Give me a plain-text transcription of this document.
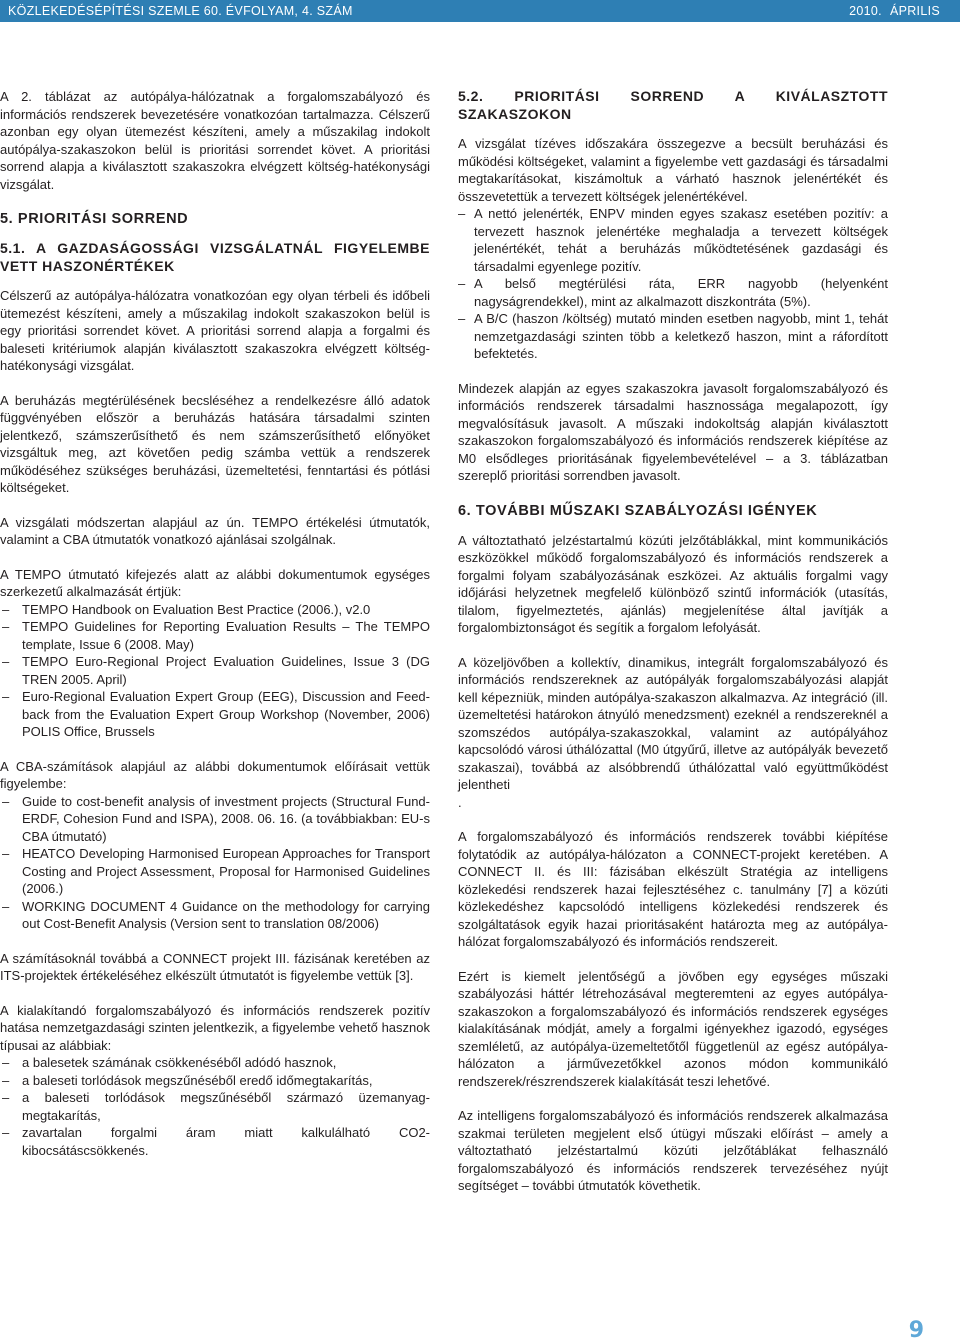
KÖZLEKEDÉSÉPÍTÉSI SZEMLE 60. ÉVFOLYAM, 4. SZÁM	2010. ÁPRILIS

A 2. táblázat az autópálya-hálózatnak a forgalomszabályozó és információs rendszerek bevezetésére vonatkozóan tartalmazza. Célszerű azonban egy olyan ütemezést készíteni, amely a műszakilag indokolt autópálya-szakaszokon belül is prioritási sorrendet követ. A prioritási sorrend alapja a kiválasztott szakaszokra elvégzett költség-hatékonysági vizsgálat.

5. PRIORITÁSI SORREND
5.1. A GAZDASÁGOSSÁGI VIZSGÁLATNÁL FIGYELEMBE VETT HASZONÉRTÉKEK

Célszerű az autópálya-hálózatra vonatkozóan egy olyan térbeli és időbeli ütemezést készíteni, amely a műszakilag indokolt szakaszokon belül is egy prioritási sorrendet követ. A prioritási sorrend alapja a forgalmi és baleseti kritériumok alapján kiválasztott szakaszokra elvégzett költség-hatékonysági vizsgálat.

A beruházás megtérülésének becsléséhez a rendelkezésre álló adatok függvényében először a beruházás hatására társadalmi szinten jelentkező, számszerűsíthető és nem számszerűsíthető előnyöket vizsgáltuk meg, azt követően pedig számba vettük a rendszerek működéséhez szükséges beruházási, üzemeltetési, fenntartási és pótlási költségeket.

A vizsgálati módszertan alapjául az ún. TEMPO értékelési útmutatók, valamint a CBA útmutatók vonatkozó ajánlásai szolgálnak.

A TEMPO útmutató kifejezés alatt az alábbi dokumentumok egységes szerkezetű alkalmazását értjük:

– TEMPO Handbook on Evaluation Best Practice (2006.), v2.0
– TEMPO Guidelines for Reporting Evaluation Results – The TEMPO template, Issue 6 (2008. May)
– TEMPO Euro-Regional Project Evaluation Guidelines, Issue 3 (DG TREN 2005. April)
– Euro-Regional Evaluation Expert Group (EEG), Discussion and Feed-back from the Evaluation Expert Group Workshop (November, 2006) POLIS Office, Brussels

A CBA-számítások alapjául az alábbi dokumentumok előírásait vettük figyelembe:

– Guide to cost-benefit analysis of investment projects (Structural Fund-ERDF, Cohesion Fund and ISPA), 2008. 06. 16. (a továbbiakban: EU-s CBA útmutató)
– HEATCO Developing Harmonised European Approaches for Transport Costing and Project Assessment, Proposal for Harmonised Guidelines (2006.)
– WORKING DOCUMENT 4 Guidance on the methodology for carrying out Cost-Benefit Analysis (Version sent to translation 08/2006)

A számításoknál továbbá a CONNECT projekt III. fázisának keretében az ITS-projektek értékeléséhez elkészült útmutatót is figyelembe vettük [3].

A kialakítandó forgalomszabályozó és információs rendszerek pozitív hatása nemzetgazdasági szinten jelentkezik, a figyelembe vehető hasznok típusai az alábbiak:

– a balesetek számának csökkenéséből adódó hasznok,
– a baleseti torlódások megszűnéséből eredő időmegtakarítás,
– a baleseti torlódások megszűnéséből származó üzemanyag-megtakarítás,
– zavartalan forgalmi áram miatt kalkulálható CO2-kibocsátáscsökkenés.
5.2. PRIORITÁSI SORREND A KIVÁLASZTOTT SZAKASZOKON

A vizsgálat tízéves időszakára összegezve a becsült beruházási és működési költségeket, valamint a figyelembe vett gazdasági és társadalmi megtakarításokat, kiszámoltuk a várható hasznok jelenértékét és összevetettük a tervezett költségek jelenértékével.

– A nettó jelenérték, ENPV minden egyes szakasz esetében pozitív: a tervezett hasznok jelenértéke meghaladja a tervezett költségek jelenértékét, tehát a beruházás működtetésének gazdasági és társadalmi egyenlege pozitív.
– A belső megtérülési ráta, ERR nagyobb (helyenként nagyságrendekkel), mint az alkalmazott diszkontráta (5%).
– A B/C (haszon /költség) mutató minden esetben nagyobb, mint 1, tehát nemzetgazdasági szinten több a keletkező haszon, mint a ráfordított befektetés.

Mindezek alapján az egyes szakaszokra javasolt forgalomszabályozó és információs rendszerek társadalmi hasznossága megalapozott, így megvalósításuk javasolt. A műszaki indokoltság alapján kiválasztott szakaszokon forgalomszabályozó és információs rendszerek kiépítése az M0 elsődleges prioritásának figyelembevételével – a 3. táblázatban szereplő prioritási sorrendben javasolt.

6. TOVÁBBI MŰSZAKI SZABÁLYOZÁSI IGÉNYEK

A változtatható jelzéstartalmú közúti jelzőtáblákkal, mint kommunikációs eszközökkel működő forgalomszabályozó és információs rendszerek a forgalmi folyam szabályozásának eszközei. Az aktuális forgalmi vagy időjárási helyzetnek megfelelő különböző szintű információk (utasítás, tilalom, figyelmeztetés, ajánlás) megjelenítése által javítják a forgalombiztonságot és segítik a forgalom lefolyását.

A közeljövőben a kollektív, dinamikus, integrált forgalomszabályozó és információs rendszereknek az autópályák forgalomszabályozási alapját kell képezniük, minden autópálya-szakaszon alkalmazva. Az integráció (ill. üzemeltetési határokon átnyúló menedzsment) ezeknél a rendszereknél a szomszédos autópálya-szakaszokkal, valamint az autópályához kapcsolódó városi úthálózattal (M0 útgyűrű, illetve az autópályák bevezető szakaszai), továbbá az alsóbbrendű úthálózattal való együttműködést jelentheti

.

A forgalomszabályozó és információs rendszerek további kiépítése folytatódik az autópálya-hálózaton a CONNECT-projekt keretében. A CONNECT II. és III: fázisában elkészült Stratégia az intelligens közlekedési rendszerek hazai fejlesztéséhez c. tanulmány [7] a közúti közlekedéshez kapcsolódó intelligens közlekedési rendszerek és szolgáltatások egyik hazai prioritásaként határozta meg az autópálya-hálózat forgalomszabályozó és információs rendszereit.

Ezért is kiemelt jelentőségű a jövőben egy egységes műszaki szabályozási háttér létrehozásával megteremteni az egyes autópálya-szakaszokon a forgalomszabályozó és információs rendszerek egységes kialakításának módját, amely a forgalmi igényekhez igazodó, egységes szemléletű, az autópálya-üzemeltetőtől függetlenül az egész autópálya-hálózaton a járművezetőkkel azonos módon kommunikáló rendszerek/részrendszerek kialakítását teszi lehetővé.

Az intelligens forgalomszabályozó és információs rendszerek alkalmazása szakmai területen megjelent első útügyi műszaki előírást – amely a változtatható jelzéstartalmú közúti jelzőtáblákat felhasználó forgalomszabályozó és információs rendszerek tervezéséhez nyújt segítséget – további útmutatók követhetik.

9
